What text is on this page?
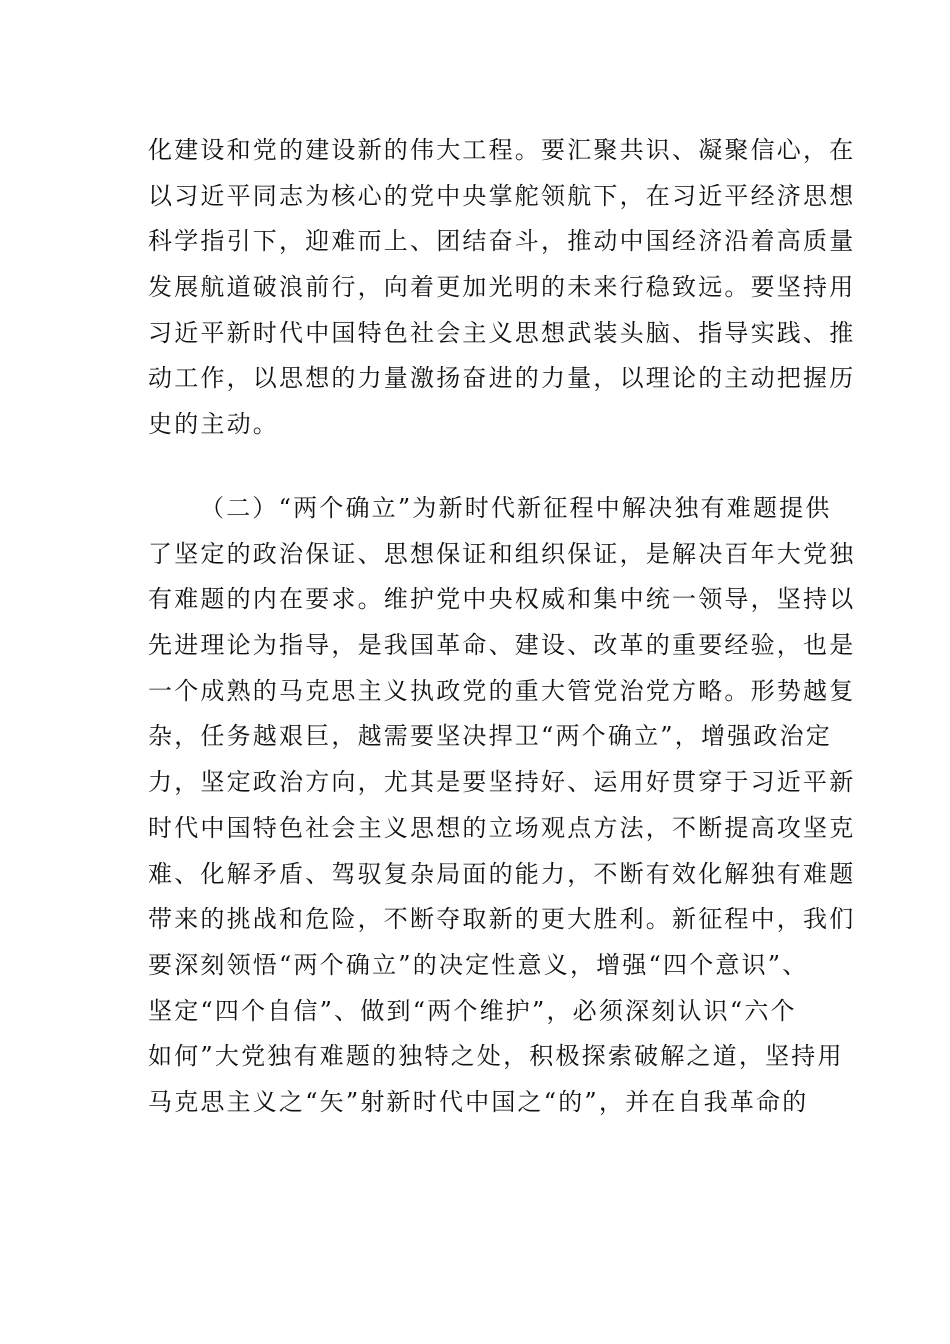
化建设和党的建设新的伟大工程。要汇聚共识、凝聚信心，在
以习近平同志为核心的党中央掌舵领航下，在习近平经济思想
科学指引下，迎难而上、团结奋斗，推动中国经济沿着高质量
发展航道破浪前行，向着更加光明的未来行稳致远。要坚持用
习近平新时代中国特色社会主义思想武装头脑、指导实践、推
动工作，以思想的力量激扬奋进的力量，以理论的主动把握历
史的主动。
（二）“两个确立”为新时代新征程中解决独有难题提供
了坚定的政治保证、思想保证和组织保证，是解决百年大党独
有难题的内在要求。维护党中央权威和集中统一领导，坚持以
先进理论为指导，是我国革命、建设、改革的重要经验，也是
一个成熟的马克思主义执政党的重大管党治党方略。形势越复
杂，任务越艰巨，越需要坚决捍卫“两个确立”，增强政治定
力，坚定政治方向，尤其是要坚持好、运用好贯穿于习近平新
时代中国特色社会主义思想的立场观点方法，不断提高攻坚克
难、化解矛盾、驾驭复杂局面的能力，不断有效化解独有难题
带来的挑战和危险，不断夺取新的更大胜利。新征程中，我们
要深刻领悟“两个确立”的决定性意义，增强“四个意识”、
坚定“四个自信”、做到“两个维护”，必须深刻认识“六个
如何”大党独有难题的独特之处，积极探索破解之道，坚持用
马克思主义之“矢”射新时代中国之“的”，并在自我革命的
